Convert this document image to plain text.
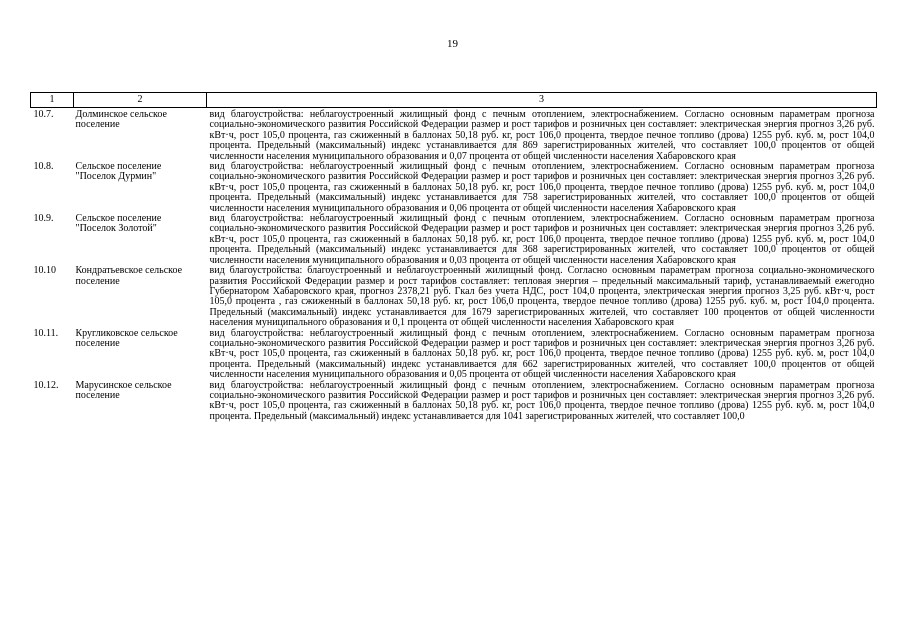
19
1	2	3
10.7.	Долминское сельское поселение	вид благоустройства: неблагоустроенный жилищный фонд с печным отоплением, электроснабжением. Согласно основным параметрам прогноза социально-экономического развития Российской Федерации размер и рост тарифов и розничных цен составляет: электрическая энергия прогноз 3,26 руб. кВт·ч, рост 105,0 процента, газ сжиженный в баллонах 50,18 руб. кг, рост 106,0 процента, твердое печное топливо (дрова) 1255 руб. куб. м, рост 104,0 процента. Предельный (максимальный) индекс устанавливается для 869 зарегистрированных жителей, что составляет 100,0 процентов от общей численности населения муниципального образования и 0,07 процента от общей численности населения Хабаровского края
10.8.	Сельское поселение "Поселок Дурмин"	вид благоустройства: неблагоустроенный жилищный фонд с печным отоплением, электроснабжением. Согласно основным параметрам прогноза социально-экономического развития Российской Федерации размер и рост тарифов и розничных цен составляет: электрическая энергия прогноз 3,26 руб. кВт·ч, рост 105,0 процента, газ сжиженный в баллонах 50,18 руб. кг, рост 106,0 процента, твердое печное топливо (дрова) 1255 руб. куб. м, рост 104,0 процента. Предельный (максимальный) индекс устанавливается для 758 зарегистрированных жителей, что составляет 100,0 процентов от общей численности населения муниципального образования и 0,06 процента от общей численности населения Хабаровского края
10.9.	Сельское поселение "Поселок Золотой"	вид благоустройства: неблагоустроенный жилищный фонд с печным отоплением, электроснабжением. Согласно основным параметрам прогноза социально-экономического развития Российской Федерации размер и рост тарифов и розничных цен составляет: электрическая энергия прогноз 3,26 руб. кВт·ч, рост 105,0 процента, газ сжиженный в баллонах 50,18 руб. кг, рост 106,0 процента, твердое печное топливо (дрова) 1255 руб. куб. м, рост 104,0 процента. Предельный (максимальный) индекс устанавливается для 368 зарегистрированных жителей, что составляет 100,0 процентов от общей численности населения муниципального образования и 0,03 процента от общей численности населения Хабаровского края
10.10	Кондратьевское сельское поселение	вид благоустройства: благоустроенный и неблагоустроенный жилищный фонд. Согласно основным параметрам прогноза социально-экономического развития Российской Федерации размер и рост тарифов составляет: тепловая энергия – предельный максимальный тариф, устанавливаемый ежегодно Губернатором Хабаровского края, прогноз 2378,21 руб. Гкал без учета НДС, рост 104,0 процента, электрическая энергия прогноз 3,25 руб. кВт·ч, рост 105,0 процента , газ сжиженный в баллонах 50,18 руб. кг, рост 106,0 процента, твердое печное топливо (дрова) 1255 руб. куб. м, рост 104,0 процента. Предельный (максимальный) индекс устанавливается для 1679 зарегистрированных жителей, что составляет 100 процентов от общей численности населения муниципального образования и 0,1 процента от общей численности населения Хабаровского края
10.11.	Кругликовское сельское поселение	вид благоустройства: неблагоустроенный жилищный фонд с печным отоплением, электроснабжением. Согласно основным параметрам прогноза социально-экономического развития Российской Федерации размер и рост тарифов и розничных цен составляет: электрическая энергия прогноз 3,26 руб. кВт·ч, рост 105,0 процента, газ сжиженный в баллонах 50,18 руб. кг, рост 106,0 процента, твердое печное топливо (дрова) 1255 руб. куб. м, рост 104,0 процента. Предельный (максимальный) индекс устанавливается для 662 зарегистрированных жителей, что составляет 100,0 процентов от общей численности населения муниципального образования и 0,05 процента от общей численности населения Хабаровского края
10.12.	Марусинское сельское поселение	вид благоустройства: неблагоустроенный жилищный фонд с печным отоплением, электроснабжением. Согласно основным параметрам прогноза социально-экономического развития Российской Федерации размер и рост тарифов и розничных цен составляет: электрическая энергия прогноз 3,26 руб. кВт·ч, рост 105,0 процента, газ сжиженный в баллонах 50,18 руб. кг, рост 106,0 процента, твердое печное топливо (дрова) 1255 руб. куб. м, рост 104,0 процента. Предельный (максимальный) индекс устанавливается для 1041 зарегистрированных жителей, что составляет 100,0
